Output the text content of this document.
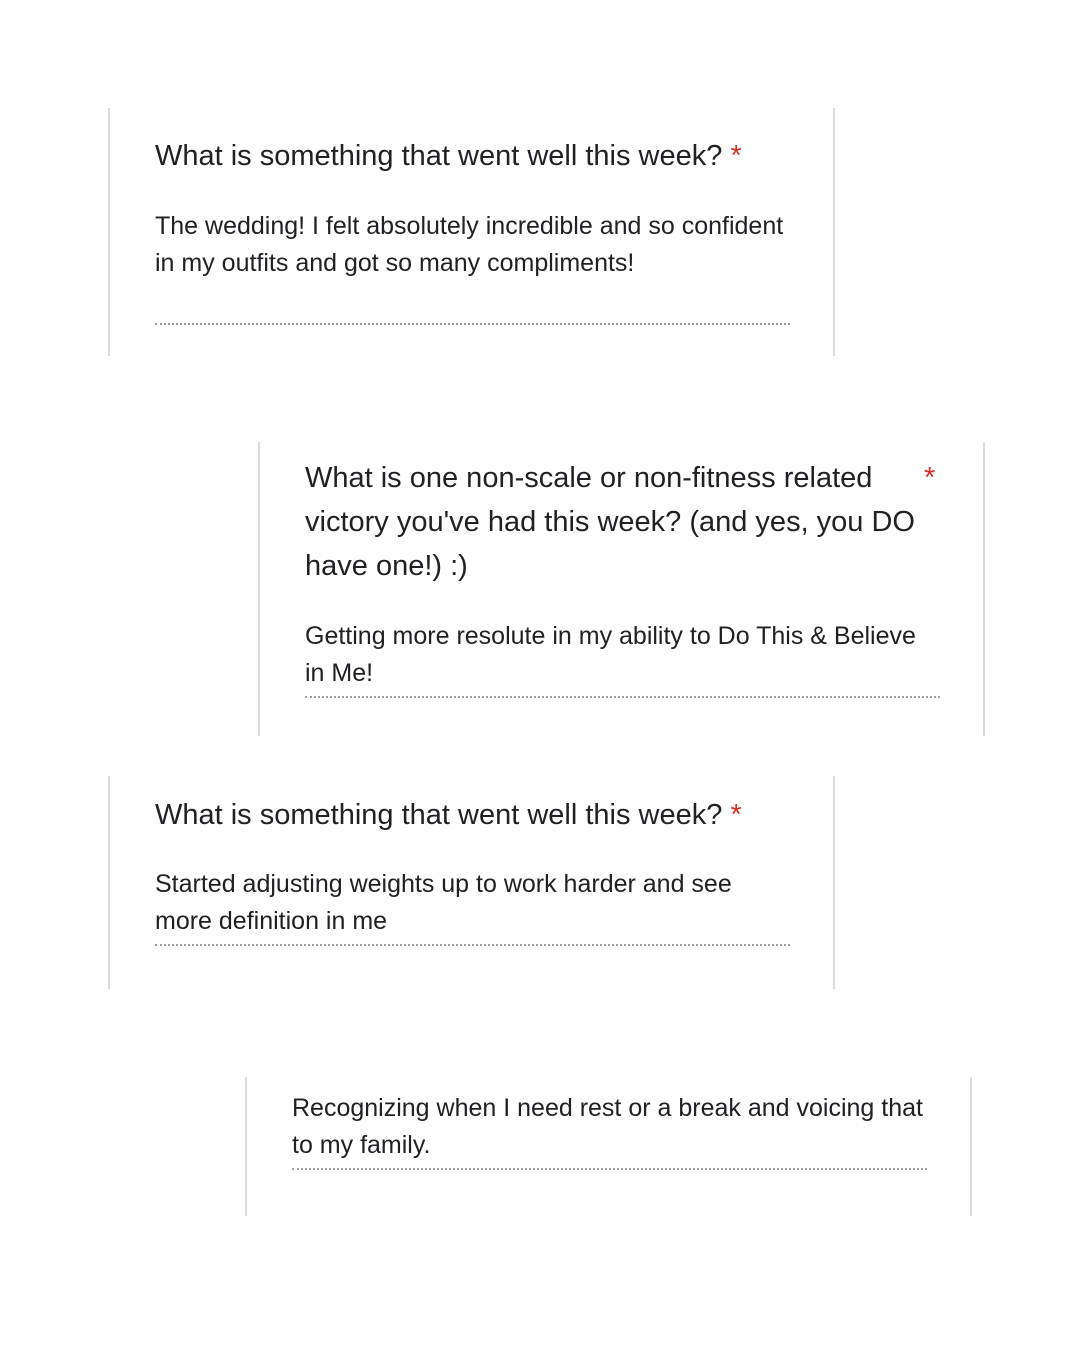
What is something that went well this week? *
The wedding! I felt absolutely incredible and so confident in my outfits and got so many compliments!
What is one non-scale or non-fitness related victory you've had this week? (and yes, you DO have one!) :)
*
Getting more resolute in my ability to Do This & Believe in Me!
What is something that went well this week? *
Started adjusting weights up to work harder and see more definition in me
Recognizing when I need rest or a break and voicing that to my family.
